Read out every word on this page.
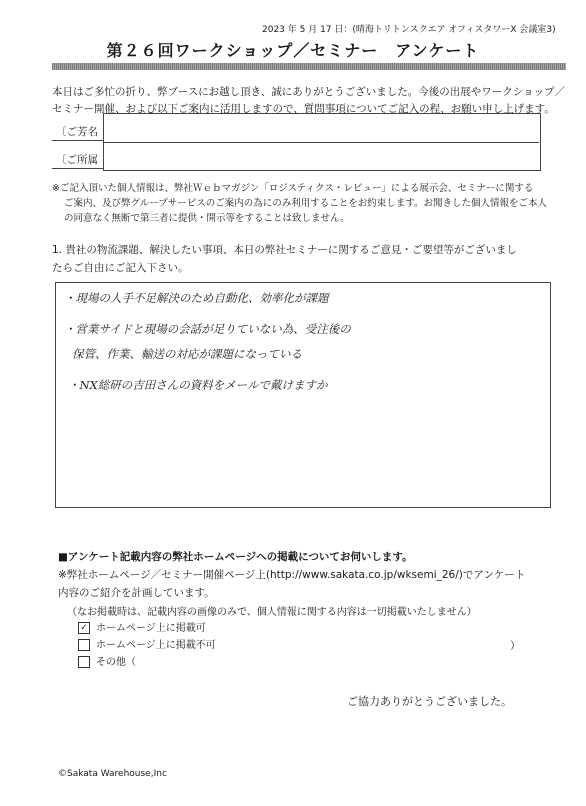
2023 年 5 月 17 日：(晴海トリトンスクエア オフィスタワーX 会議室3)
第２６回ワークショップ／セミナー　アンケート
本日はご多忙の折り、弊ブースにお越し頂き、誠にありがとうございました。今後の出展やワークショップ／
セミナー開催、および以下ご案内に活用しますので、質問事項についてご記入の程、お願い申し上げます。
〔ご芳名
〔ご所属
※ご記入頂いた個人情報は、弊社Ｗｅｂマガジン「ロジスティクス・レビュー」による展示会、セミナーに関する
ご案内、及び弊グループサービスのご案内の為にのみ利用することをお約束します。お聞きした個人情報をご本人
の同意なく無断で第三者に提供・開示等をすることは致しません。
1. 貴社の物流課題、解決したい事項、本日の弊社セミナーに関するご意見・ご要望等がございまし
たらご自由にご記入下さい。
・現場の人手不足解決のため自動化、効率化が課題
・営業サイドと現場の会話が足りていない為、受注後の
保管、作業、輸送の対応が課題になっている
・NX総研の吉田さんの資料をメールで戴けますか
■アンケート記載内容の弊社ホームページへの掲載についてお伺いします。
※弊社ホームページ／セミナー開催ページ上(http://www.sakata.co.jp/wksemi_26/)でアンケート
内容のご紹介を計画しています。
（なお掲載時は、記載内容の画像のみで、個人情報に関する内容は一切掲載いたしません）
✓ ホームページ上に掲載可
ホームページ上に掲載不可
その他（
）
ご協力ありがとうございました。
©Sakata Warehouse,Inc
